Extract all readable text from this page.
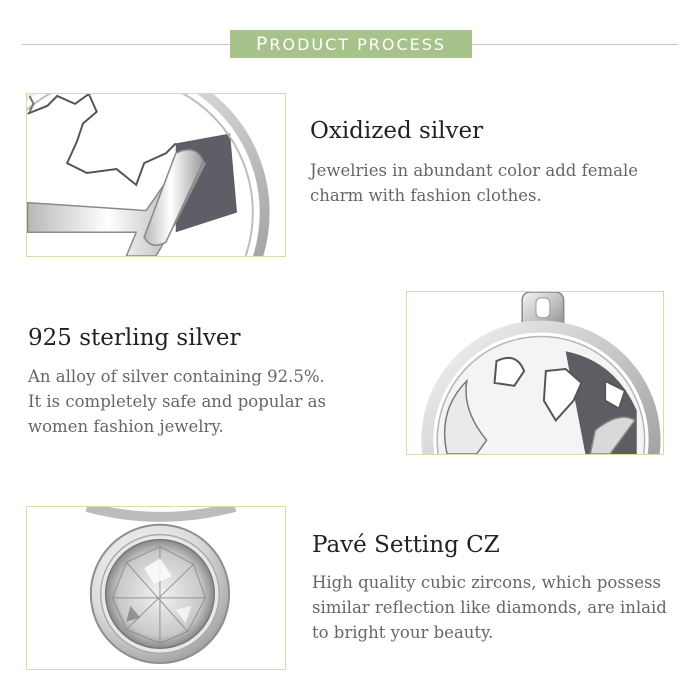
P RODUCT PROCESS
Oxidized silver
Jewelries in abundant color add female
charm with fashion clothes.
925 sterling silver
An alloy of silver containing 92.5%.
It is completely safe and popular as
women fashion jewelry.
Pavé Setting CZ
High quality cubic zircons, which possess
similar reflection like diamonds, are inlaid
to bright your beauty.
